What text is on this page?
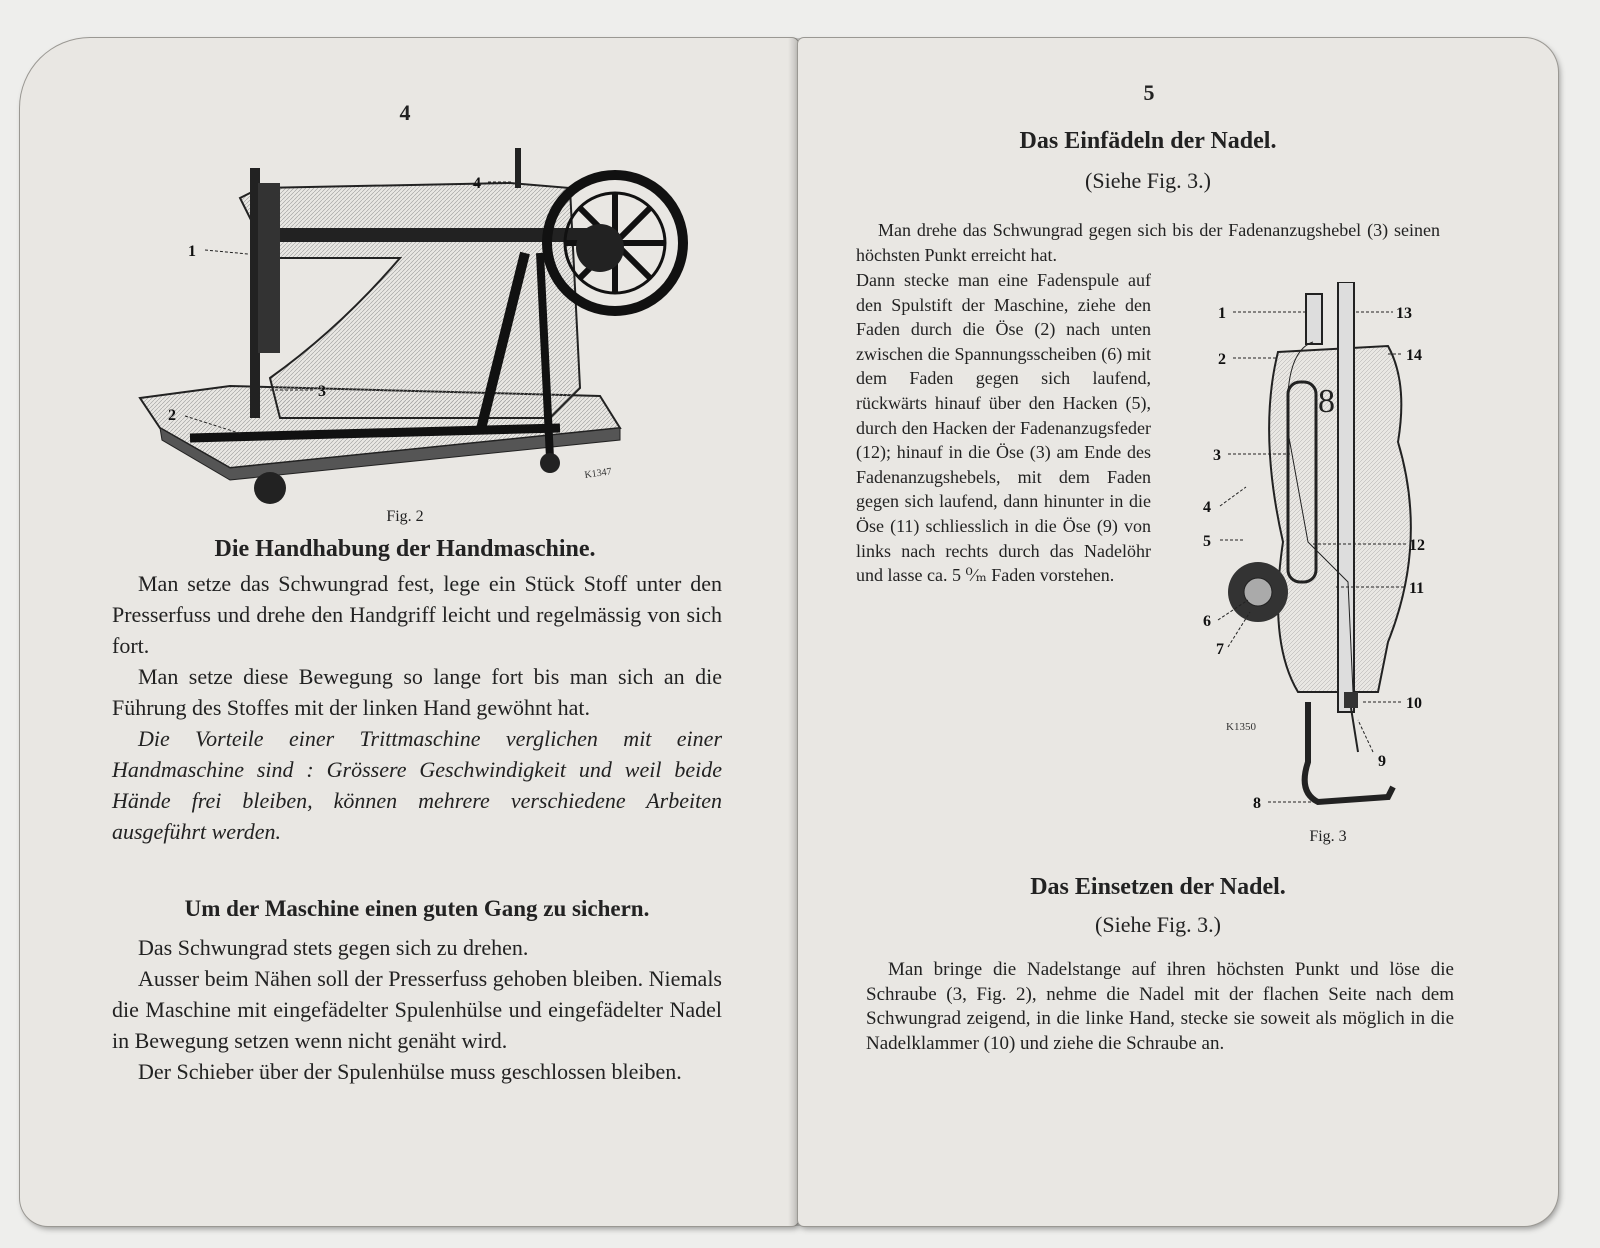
4
1
2
3
4
K1347
Fig. 2
Die Handhabung der Handmaschine.

Man setze das Schwungrad fest, lege ein Stück Stoff unter den Presserfuss und drehe den Handgriff leicht und regelmässig von sich fort.

Man setze diese Bewegung so lange fort bis man sich an die Führung des Stoffes mit der linken Hand gewöhnt hat.

Die Vorteile einer Trittmaschine verglichen mit einer Handmaschine sind : Grössere Geschwindigkeit und weil beide Hände frei bleiben, können mehrere verschiedene Arbeiten ausgeführt werden.

Um der Maschine einen guten Gang zu sichern.

Das Schwungrad stets gegen sich zu drehen.

Ausser beim Nähen soll der Presserfuss gehoben bleiben. Niemals die Maschine mit eingefädelter Spulenhülse und eingefädelter Nadel in Bewegung setzen wenn nicht genäht wird.

Der Schieber über der Spulenhülse muss geschlossen bleiben.

5
Das Einfädeln der Nadel.
(Siehe Fig. 3.)
Man drehe das Schwungrad gegen sich bis der Fadenanzugshebel (3) seinen höchsten Punkt erreicht hat.
Dann stecke man eine Fadenspule auf den Spulstift der Maschine, ziehe den Faden durch die Öse (2) nach unten zwischen die Spannungsscheiben (6) mit dem Faden gegen sich laufend, rückwärts hinauf über den Hacken (5), durch den Hacken der Fadenanzugsfeder (12); hinauf in die Öse (3) am Ende des Fadenanzugshebels, mit dem Faden gegen sich laufend, dann hinunter in die Öse (11) schliesslich in die Öse (9) von links nach rechts durch das Nadelöhr und lasse ca. 5 ⁰⁄ₘ Faden vorstehen.
8
1
2
3
4
5
6
7
8
9
10
11
12
13
14
K1350
Fig. 3
Das Einsetzen der Nadel.
(Siehe Fig. 3.)
Man bringe die Nadelstange auf ihren höchsten Punkt und löse die Schraube (3, Fig. 2), nehme die Nadel mit der flachen Seite nach dem Schwungrad zeigend, in die linke Hand, stecke sie soweit als möglich in die Nadelklammer (10) und ziehe die Schraube an.
